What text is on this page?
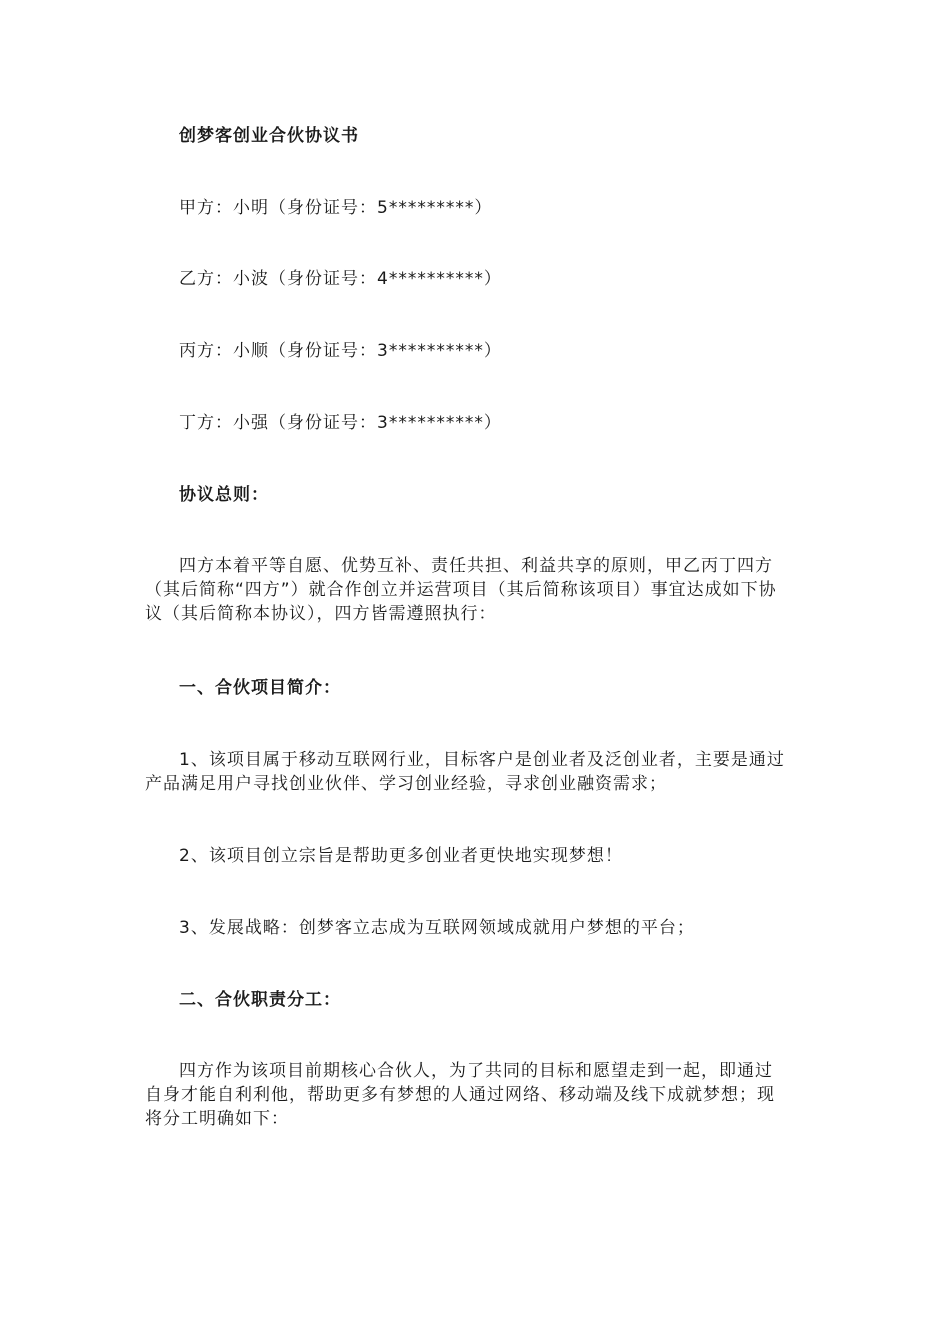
创梦客创业合伙协议书
甲方：小明（身份证号：5*********）
乙方：小波（身份证号：4**********）
丙方：小顺（身份证号：3**********）
丁方：小强（身份证号：3**********）
协议总则：
四方本着平等自愿、优势互补、责任共担、利益共享的原则，甲乙丙丁四方
（其后简称“四方”）就合作创立并运营项目（其后简称该项目）事宜达成如下协
议（其后简称本协议），四方皆需遵照执行：
一、合伙项目简介：
1、该项目属于移动互联网行业，目标客户是创业者及泛创业者，主要是通过
产品满足用户寻找创业伙伴、学习创业经验，寻求创业融资需求；
2、该项目创立宗旨是帮助更多创业者更快地实现梦想！
3、发展战略：创梦客立志成为互联网领域成就用户梦想的平台；
二、合伙职责分工：
四方作为该项目前期核心合伙人，为了共同的目标和愿望走到一起，即通过
自身才能自利利他，帮助更多有梦想的人通过网络、移动端及线下成就梦想；现
将分工明确如下：
